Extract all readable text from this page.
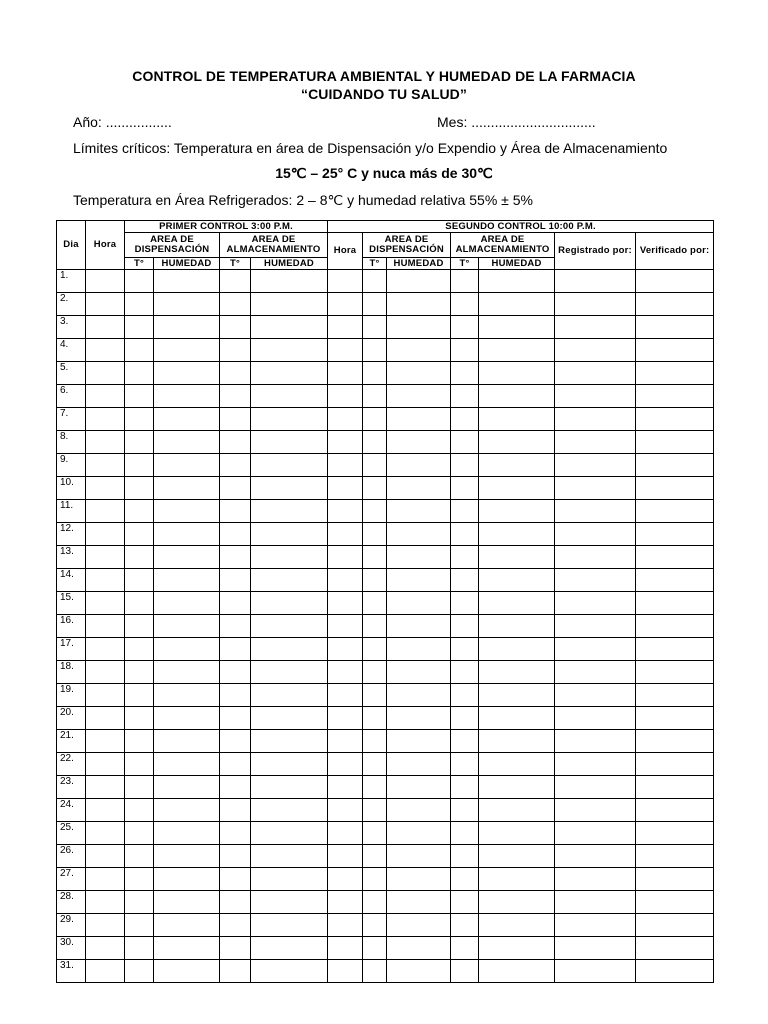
CONTROL DE TEMPERATURA AMBIENTAL Y HUMEDAD DE LA FARMACIA
“CUIDANDO TU SALUD”
Año: .................	Mes: ................................
Límites críticos: Temperatura en área de Dispensación y/o Expendio y Área de Almacenamiento
15℃ – 25° C y nuca más de 30℃
Temperatura en Área Refrigerados: 2 – 8℃ y humedad relativa 55% ± 5%
Dia	Hora	PRIMER CONTROL 3:00 P.M.				SEGUNDO CONTROL 10:00 P.M.						
		AREA DE DISPENSACIÓN		AREA DE ALMACENAMIENTO		Hora	AREA DE DISPENSACIÓN		AREA DE ALMACENAMIENTO		Registrado por:	Verificado por:
		T°	HUMEDAD	T°	HUMEDAD		T°	HUMEDAD	T°	HUMEDAD		
1.												
2.												
3.												
4.												
5.												
6.												
7.												
8.												
9.												
10.												
11.												
12.												
13.												
14.												
15.												
16.												
17.												
18.												
19.												
20.												
21.												
22.												
23.												
24.												
25.												
26.												
27.												
28.												
29.												
30.												
31.												
